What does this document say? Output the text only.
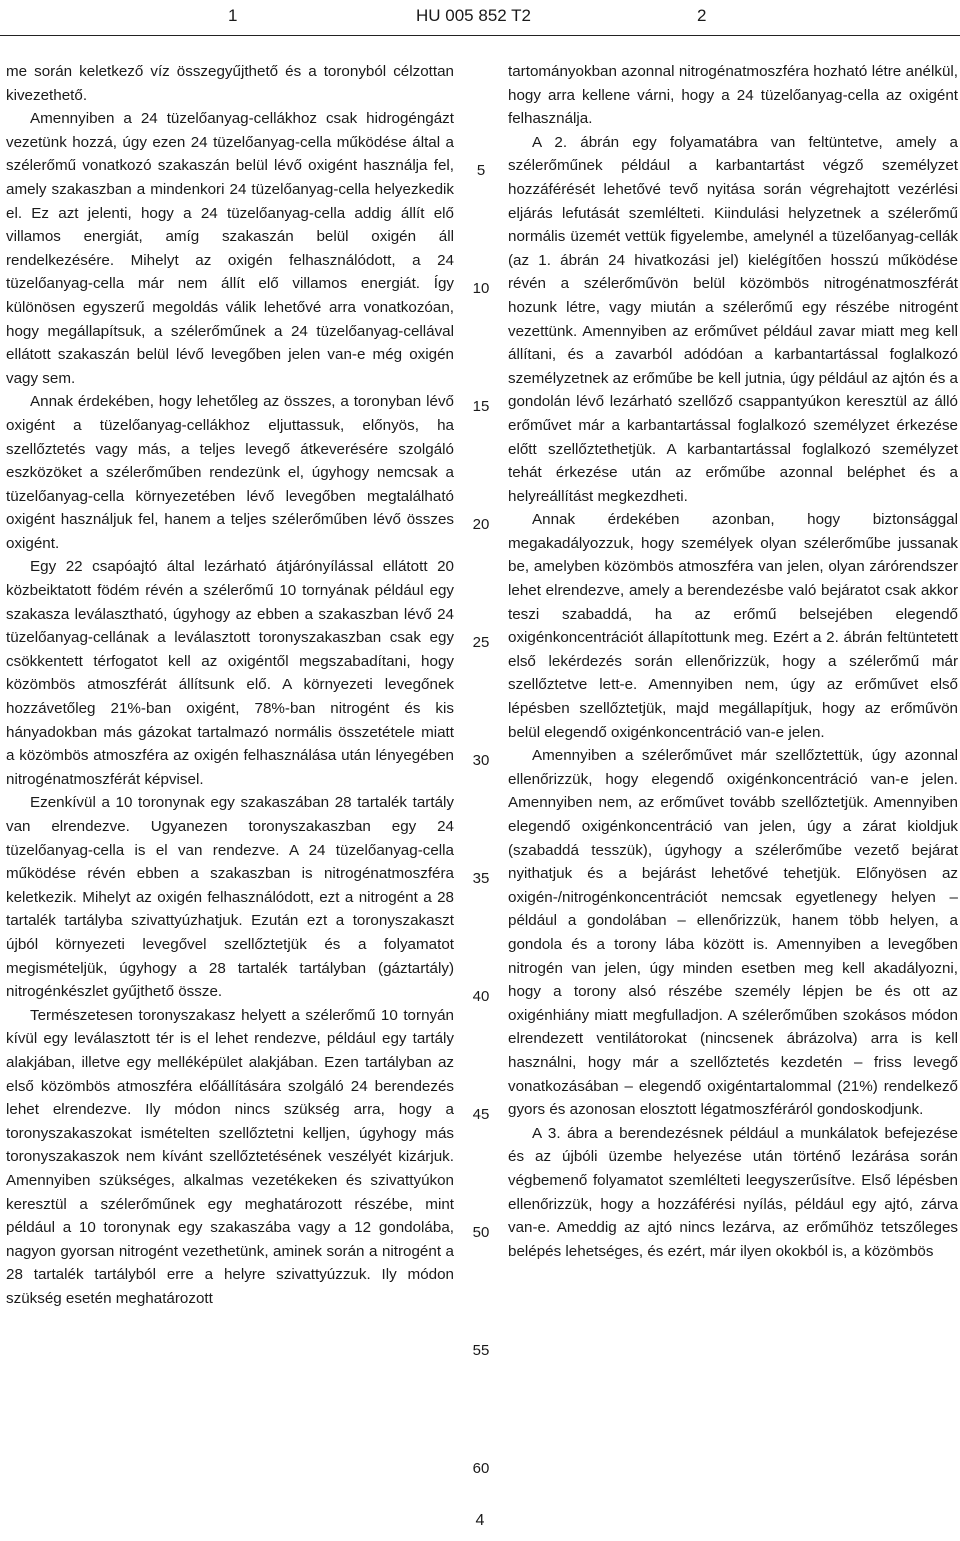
1	HU 005 852 T2	2

me során keletkező víz összegyűjthető és a toronyból célzottan kivezethető.

Amennyiben a 24 tüzelőanyag-cellákhoz csak hidrogéngázt vezetünk hozzá, úgy ezen 24 tüzelőanyag-cella működése által a szélerőmű vonatkozó szakaszán belül lévő oxigént használja fel, amely szakaszban a mindenkori 24 tüzelőanyag-cella helyezkedik el. Ez azt jelenti, hogy a 24 tüzelőanyag-cella addig állít elő villamos energiát, amíg szakaszán belül oxigén áll rendelkezésére. Mihelyt az oxigén felhasználódott, a 24 tüzelőanyag-cella már nem állít elő villamos energiát. Így különösen egyszerű megoldás válik lehetővé arra vonatkozóan, hogy megállapítsuk, a szélerőműnek a 24 tüzelőanyag-cellával ellátott szakaszán belül lévő levegőben jelen van-e még oxigén vagy sem.

Annak érdekében, hogy lehetőleg az összes, a toronyban lévő oxigént a tüzelőanyag-cellákhoz eljuttassuk, előnyös, ha szellőztetés vagy más, a teljes levegő átkeverésére szolgáló eszközöket a szélerőműben rendezünk el, úgyhogy nemcsak a tüzelőanyag-cella környezetében lévő levegőben megtalálható oxigént használjuk fel, hanem a teljes szélerőműben lévő összes oxigént.

Egy 22 csapóajtó által lezárható átjárónyílással ellátott 20 közbeiktatott födém révén a szélerőmű 10 tornyának például egy szakasza leválasztható, úgyhogy az ebben a szakaszban lévő 24 tüzelőanyag-cellának a leválasztott toronyszakaszban csak egy csökkentett térfogatot kell az oxigéntől megszabadítani, hogy közömbös atmoszférát állítsunk elő. A környezeti levegőnek hozzávetőleg 21%-ban oxigént, 78%-ban nitrogént és kis hányadokban más gázokat tartalmazó normális összetétele miatt a közömbös atmoszféra az oxigén felhasználása után lényegében nitrogénatmoszférát képvisel.

Ezenkívül a 10 toronynak egy szakaszában 28 tartalék tartály van elrendezve. Ugyanezen toronyszakaszban egy 24 tüzelőanyag-cella is el van rendezve. A 24 tüzelőanyag-cella működése révén ebben a szakaszban is nitrogénatmoszféra keletkezik. Mihelyt az oxigén felhasználódott, ezt a nitrogént a 28 tartalék tartályba szivattyúzhatjuk. Ezután ezt a toronyszakaszt újból környezeti levegővel szellőztetjük és a folyamatot megismételjük, úgyhogy a 28 tartalék tartályban (gáztartály) nitrogénkészlet gyűjthető össze.

Természetesen toronyszakasz helyett a szélerőmű 10 tornyán kívül egy leválasztott tér is el lehet rendezve, például egy tartály alakjában, illetve egy melléképület alakjában. Ezen tartályban az első közömbös atmoszféra előállítására szolgáló 24 berendezés lehet elrendezve. Ily módon nincs szükség arra, hogy a toronyszakaszokat ismételten szellőztetni kelljen, úgyhogy más toronyszakaszok nem kívánt szellőztetésének veszélyét kizárjuk. Amennyiben szükséges, alkalmas vezetékeken és szivattyúkon keresztül a szélerőműnek egy meghatározott részébe, mint például a 10 toronynak egy szakaszába vagy a 12 gondolába, nagyon gyorsan nitrogént vezethetünk, aminek során a nitrogént a 28 tartalék tartályból erre a helyre szivattyúzzuk. Ily módon szükség esetén meghatározott

5
10
15
20
25
30
35
40
45
50
55
60

tartományokban azonnal nitrogénatmoszféra hozható létre anélkül, hogy arra kellene várni, hogy a 24 tüzelőanyag-cella az oxigént felhasználja.

A 2. ábrán egy folyamatábra van feltüntetve, amely a szélerőműnek például a karbantartást végző személyzet hozzáférését lehetővé tevő nyitása során végrehajtott vezérlési eljárás lefutását szemlélteti. Kiindulási helyzetnek a szélerőmű normális üzemét vettük figyelembe, amelynél a tüzelőanyag-cellák (az 1. ábrán 24 hivatkozási jel) kielégítően hosszú működése révén a szélerőművön belül közömbös nitrogénatmoszférát hozunk létre, vagy miután a szélerőmű egy részébe nitrogént vezettünk. Amennyiben az erőművet például zavar miatt meg kell állítani, és a zavarból adódóan a karbantartással foglalkozó személyzetnek az erőműbe be kell jutnia, úgy például az ajtón és a gondolán lévő lezárható szellőző csappantyúkon keresztül az álló erőművet már a karbantartással foglalkozó személyzet érkezése előtt szellőztethetjük. A karbantartással foglalkozó személyzet tehát érkezése után az erőműbe azonnal beléphet és a helyreállítást megkezdheti.

Annak érdekében azonban, hogy biztonsággal megakadályozzuk, hogy személyek olyan szélerőműbe jussanak be, amelyben közömbös atmoszféra van jelen, olyan zárórendszer lehet elrendezve, amely a berendezésbe való bejáratot csak akkor teszi szabaddá, ha az erőmű belsejében elegendő oxigénkoncentrációt állapítottunk meg. Ezért a 2. ábrán feltüntetett első lekérdezés során ellenőrizzük, hogy a szélerőmű már szellőztetve lett-e. Amennyiben nem, úgy az erőművet első lépésben szellőztetjük, majd megállapítjuk, hogy az erőművön belül elegendő oxigénkoncentráció van-e jelen.

Amennyiben a szélerőművet már szellőztettük, úgy azonnal ellenőrizzük, hogy elegendő oxigénkoncentráció van-e jelen. Amennyiben nem, az erőművet tovább szellőztetjük. Amennyiben elegendő oxigénkoncentráció van jelen, úgy a zárat kioldjuk (szabaddá tesszük), úgyhogy a szélerőműbe vezető bejárat nyithatjuk és a bejárást lehetővé tehetjük. Előnyösen az oxigén-/nitrogénkoncentrációt nemcsak egyetlenegy helyen – például a gondolában – ellenőrizzük, hanem több helyen, a gondola és a torony lába között is. Amennyiben a levegőben nitrogén van jelen, úgy minden esetben meg kell akadályozni, hogy a torony alsó részébe személy lépjen be és ott az oxigénhiány miatt megfulladjon. A szélerőműben szokásos módon elrendezett ventilátorokat (nincsenek ábrázolva) arra is kell használni, hogy már a szellőztetés kezdetén – friss levegő vonatkozásában – elegendő oxigéntartalommal (21%) rendelkező gyors és azonosan elosztott légatmoszféráról gondoskodjunk.

A 3. ábra a berendezésnek például a munkálatok befejezése és az újbóli üzembe helyezése után történő lezárása során végbemenő folyamatot szemlélteti leegyszerűsítve. Első lépésben ellenőrizzük, hogy a hozzáférési nyílás, például egy ajtó, zárva van-e. Ameddig az ajtó nincs lezárva, az erőműhöz tetszőleges belépés lehetséges, és ezért, már ilyen okokból is, a közömbös

4
